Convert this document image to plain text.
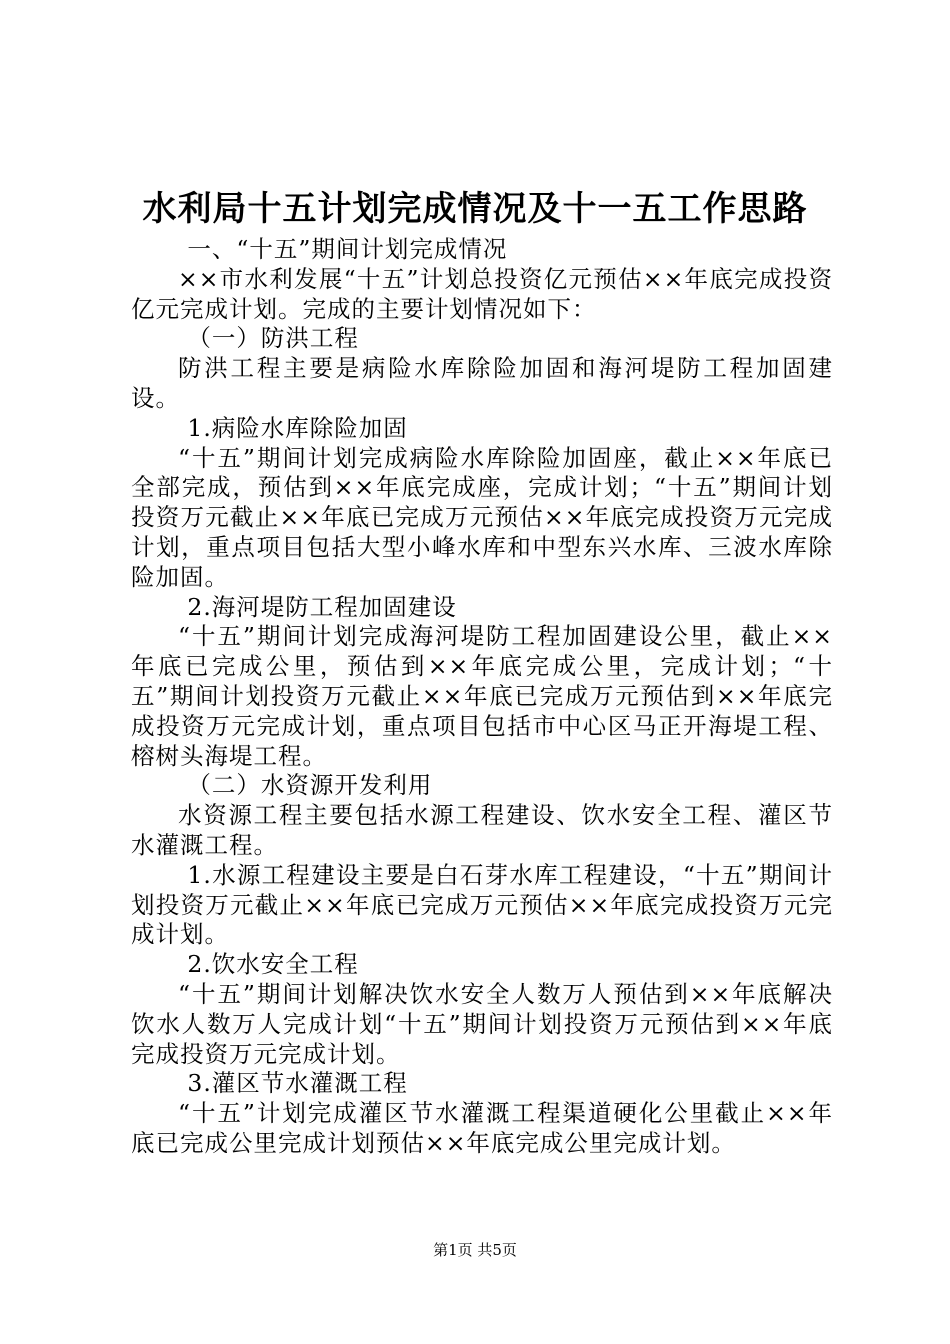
水利局十五计划完成情况及十一五工作思路

一、“十五”期间计划完成情况

××市水利发展“十五”计划总投资亿元预估××年底完成投资亿元完成计划。完成的主要计划情况如下：

（一）防洪工程

防洪工程主要是病险水库除险加固和海河堤防工程加固建设。

1.病险水库除险加固

“十五”期间计划完成病险水库除险加固座，截止××年底已全部完成，预估到××年底完成座，完成计划；“十五”期间计划投资万元截止××年底已完成万元预估××年底完成投资万元完成计划，重点项目包括大型小峰水库和中型东兴水库、三波水库除险加固。

2.海河堤防工程加固建设

“十五”期间计划完成海河堤防工程加固建设公里，截止××年底已完成公里，预估到××年底完成公里，完成计划；“十五”期间计划投资万元截止××年底已完成万元预估到××年底完成投资万元完成计划，重点项目包括市中心区马正开海堤工程、榕树头海堤工程。

（二）水资源开发利用

水资源工程主要包括水源工程建设、饮水安全工程、灌区节水灌溉工程。

1.水源工程建设主要是白石芽水库工程建设，“十五”期间计划投资万元截止××年底已完成万元预估××年底完成投资万元完成计划。

2.饮水安全工程

“十五”期间计划解决饮水安全人数万人预估到××年底解决饮水人数万人完成计划“十五”期间计划投资万元预估到××年底完成投资万元完成计划。

3.灌区节水灌溉工程

“十五”计划完成灌区节水灌溉工程渠道硬化公里截止××年底已完成公里完成计划预估××年底完成公里完成计划。

第1页 共5页
